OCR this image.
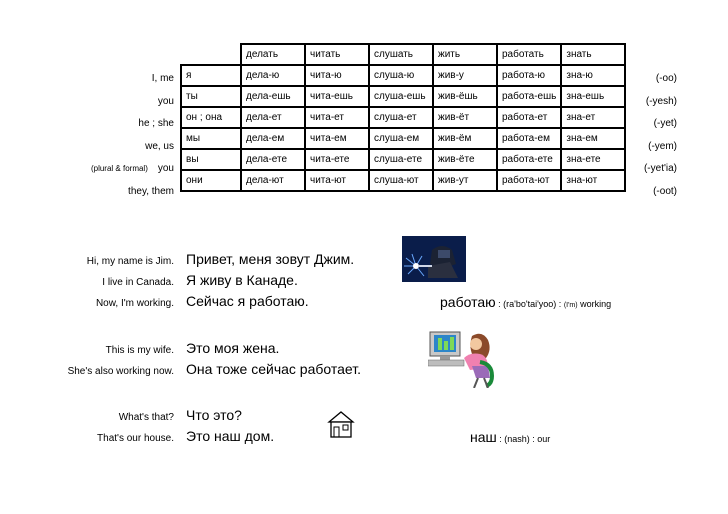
	делать	читать	слушать	жить	работать	знать
я	дела-ю	чита-ю	слуша-ю	жив-у	работа-ю	зна-ю
ты	дела-ешь	чита-ешь	слуша-ешь	жив-ёшь	работа-ешь	зна-ешь
он ; она	дела-ет	чита-ет	слуша-ет	жив-ёт	работа-ет	зна-ет
мы	дела-ем	чита-ем	слуша-ем	жив-ём	работа-ем	зна-ем
вы	дела-ете	чита-ете	слуша-ете	жив-ёте	работа-ете	зна-ете
они	дела-ют	чита-ют	слуша-ют	жив-ут	работа-ют	зна-ют
I, me
you
he ; she
we, us
(plural & formal) you
they, them
(-oo)
(-yesh)
(-yet)
(-yem)
(-yet'ia)
(-oot)
Hi, my name is Jim. Привет, меня зовут Джим.
I live in Canada. Я живу в Канаде.
Now, I'm working. Сейчас я работаю.
This is my wife. Это моя жена.
She's also working now. Она тоже сейчас работает.
What's that? Что это?
That's our house. Это наш дом.
работаю : (ra'bo'tai'yoo) : (I'm) working
наш : (nash) : our
